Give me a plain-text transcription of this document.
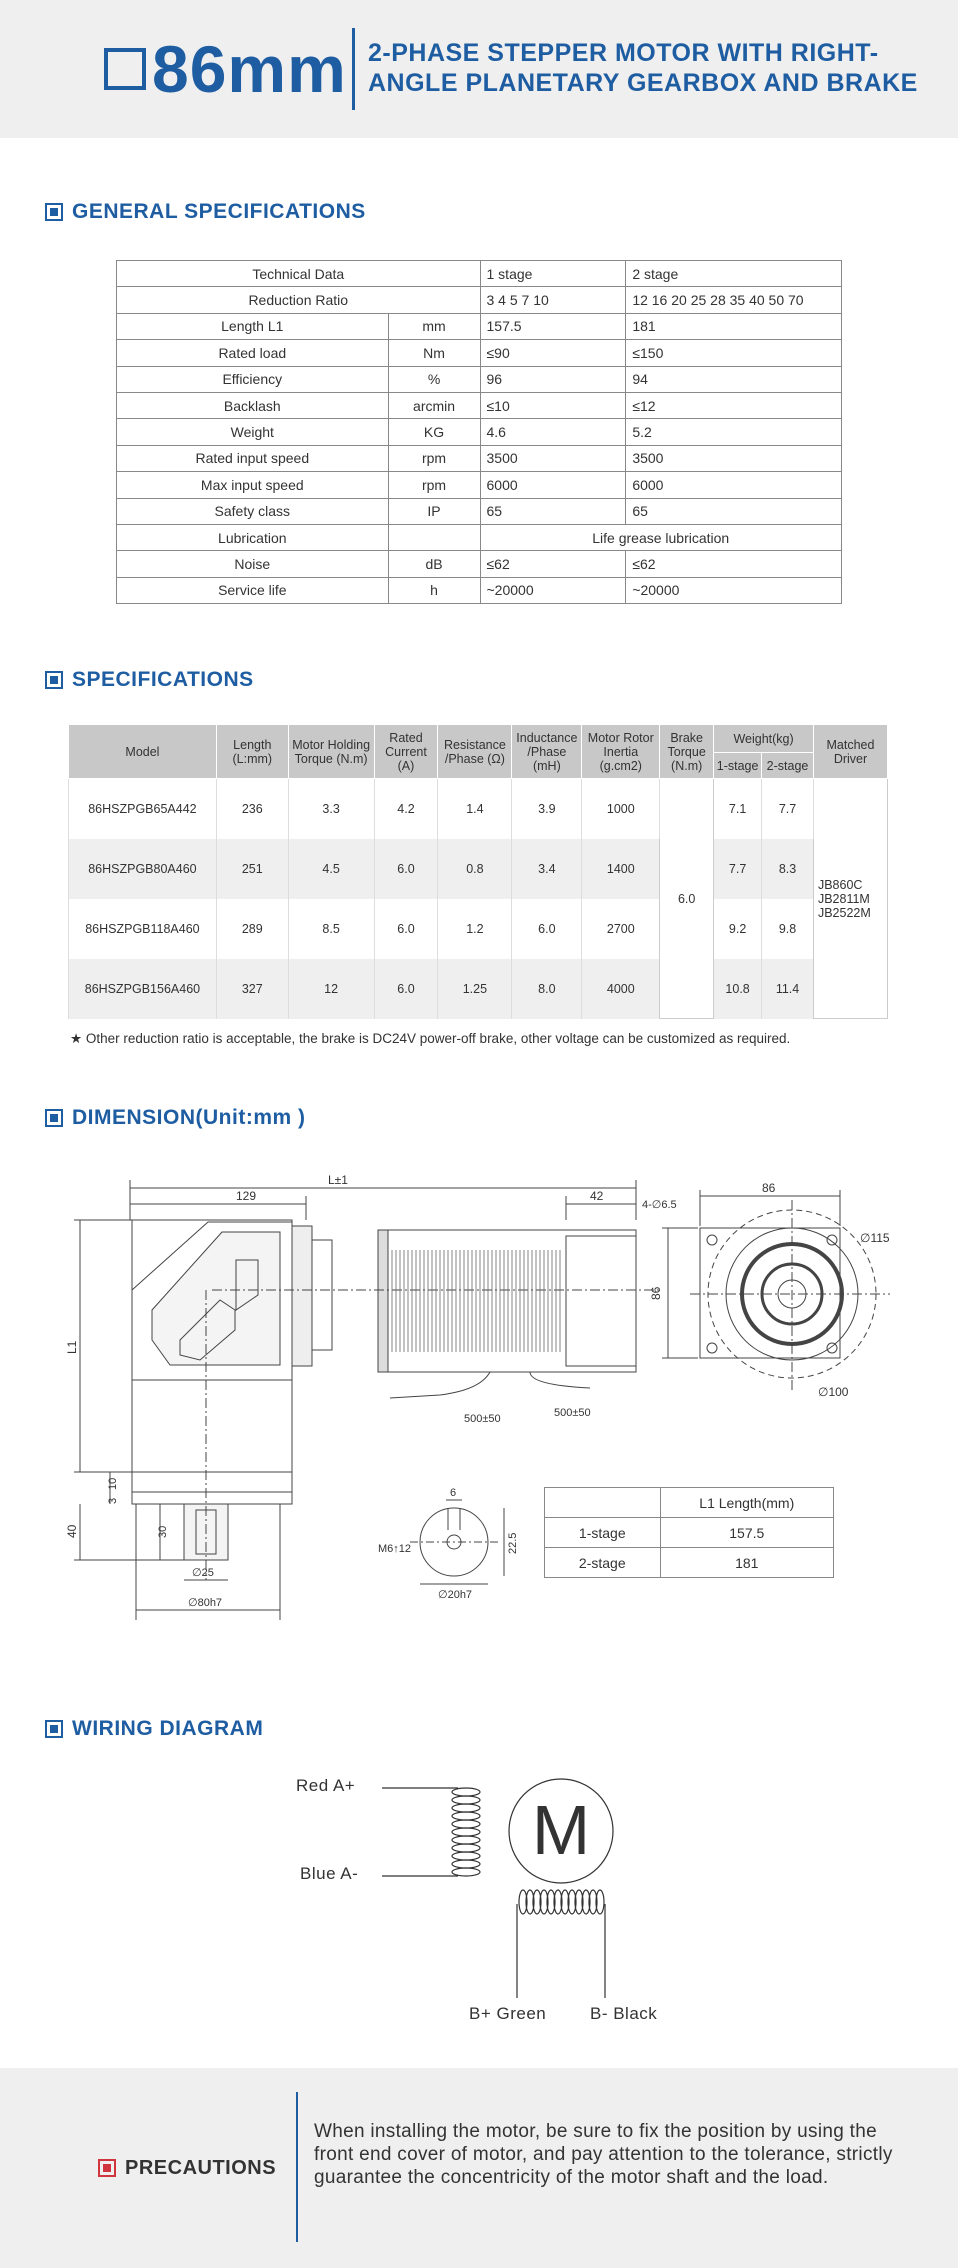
86mm 2-PHASE STEPPER MOTOR WITH RIGHT-ANGLE PLANETARY GEARBOX AND BRAKE
GENERAL SPECIFICATIONS
Technical Data		1 stage	2 stage
Reduction Ratio		3 4 5 7 10	12 16 20 25 28 35 40 50 70
Length L1	mm	157.5	181
Rated load	Nm	≤90	≤150
Efficiency	%	96	94
Backlash	arcmin	≤10	≤12
Weight	KG	4.6	5.2
Rated input speed	rpm	3500	3500
Max input speed	rpm	6000	6000
Safety class	IP	65	65
Lubrication		Life grease lubrication	
Noise	dB	≤62	≤62
Service life	h	~20000	~20000
SPECIFICATIONS
Model	Length (L:mm)	Motor Holding Torque (N.m)	Rated Current (A)	Resistance /Phase (Ω)	Inductance /Phase (mH)	Motor Rotor Inertia (g.cm2)	Brake Torque (N.m)	Weight(kg)		Matched Driver
								1-stage	2-stage	
86HSZPGB65A442	236	3.3	4.2	1.4	3.9	1000	6.0	7.1	7.7	JB860C
JB2811M
JB2522M

86HSZPGB80A460	251	4.5	6.0	0.8	3.4	1400		7.7	8.3	
86HSZPGB118A460	289	8.5	6.0	1.2	6.0	2700		9.2	9.8	
86HSZPGB156A460	327	12	6.0	1.25	8.0	4000		10.8	11.4	
★ Other reduction ratio is acceptable, the brake is DC24V power-off brake, other voltage can be customized as required.
DIMENSION(Unit:mm )
L±1
129	42
4-∅6.5
86
86
∅115
∅100
500±50	500±50
L1
10
3
40	30
∅25
∅80h7
6
M6↑12	22.5
∅20h7
	L1 Length(mm)
1-stage	157.5
2-stage	181
WIRING DIAGRAM
Red A+
Blue A-
B+ Green	B- Black
M
PRECAUTIONS
When installing the motor, be sure to fix the position by using the front end cover of motor, and pay attention to the tolerance, strictly guarantee the concentricity of the motor shaft and the load.
